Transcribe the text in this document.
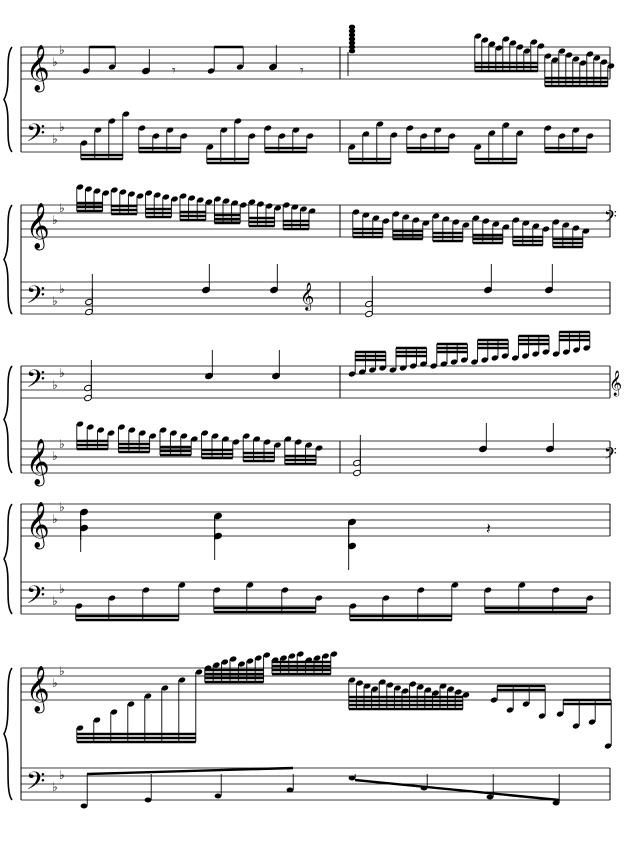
𝄞
𝄢
♭
♭
♭
♭
𝄞
𝄢
♭
♭
♭
♭
𝄢
𝄞
♭
♭
♭
♭
𝄞
𝄢
♭
♭
♭
♭
𝄞
𝄢
♭
♭
♭
♭
𝄾	𝄾
𝄢
𝄞
𝄞
𝄢
𝄽
